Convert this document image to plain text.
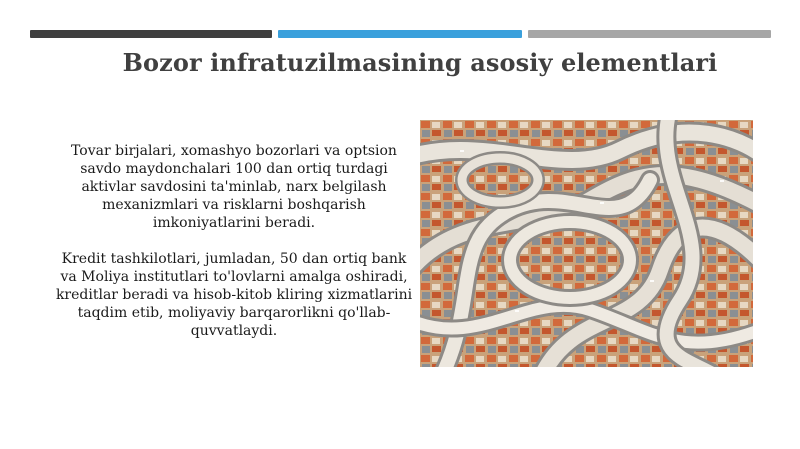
Bozor infratuzilmasining asosiy elementlari

Tovar birjalari, xomashyo bozorlari va optsion savdo maydonchalari 100 dan ortiq turdagi aktivlar savdosini ta'minlab, narx belgilash mexanizmlari va risklarni boshqarish imkoniyatlarini beradi.

Kredit tashkilotlari, jumladan, 50 dan ortiq bank va Moliya institutlari to'lovlarni amalga oshiradi, kreditlar beradi va hisob-kitob kliring xizmatlarini taqdim etib, moliyaviy barqarorlikni qo'llab-quvvatlaydi.
